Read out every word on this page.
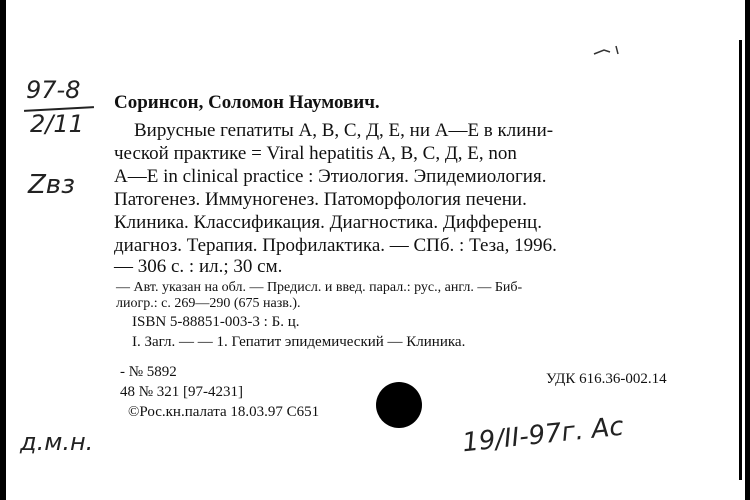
97-8
2/11
Zвз
Соринсон, Соломон Наумович.
Вирусные гепатиты А, В, С, Д, Е, ни А—Е в клини-
ческой практике = Viral hepatitis A, B, C, Д, E, non
A—E in clinical practice : Этиология. Эпидемиология.
Патогенез. Иммуногенез. Патоморфология печени.
Клиника. Классификация. Диагностика. Дифференц.
диагноз. Терапия. Профилактика. — СПб. : Теза, 1996.
— 306 с. : ил.; 30 см.
— Авт. указан на обл. — Предисл. и введ. парал.: рус., англ. — Биб-
лиогр.: с. 269—290 (675 назв.).
ISBN 5-88851-003-3 : Б. ц.
I. Загл. — — 1. Гепатит эпидемический — Клиника.
- № 5892
48 № 321 [97-4231]
УДК 616.36-002.14
©Рос.кн.палата 18.03.97 С651
д.м.н.	19/II-97г. Ас
